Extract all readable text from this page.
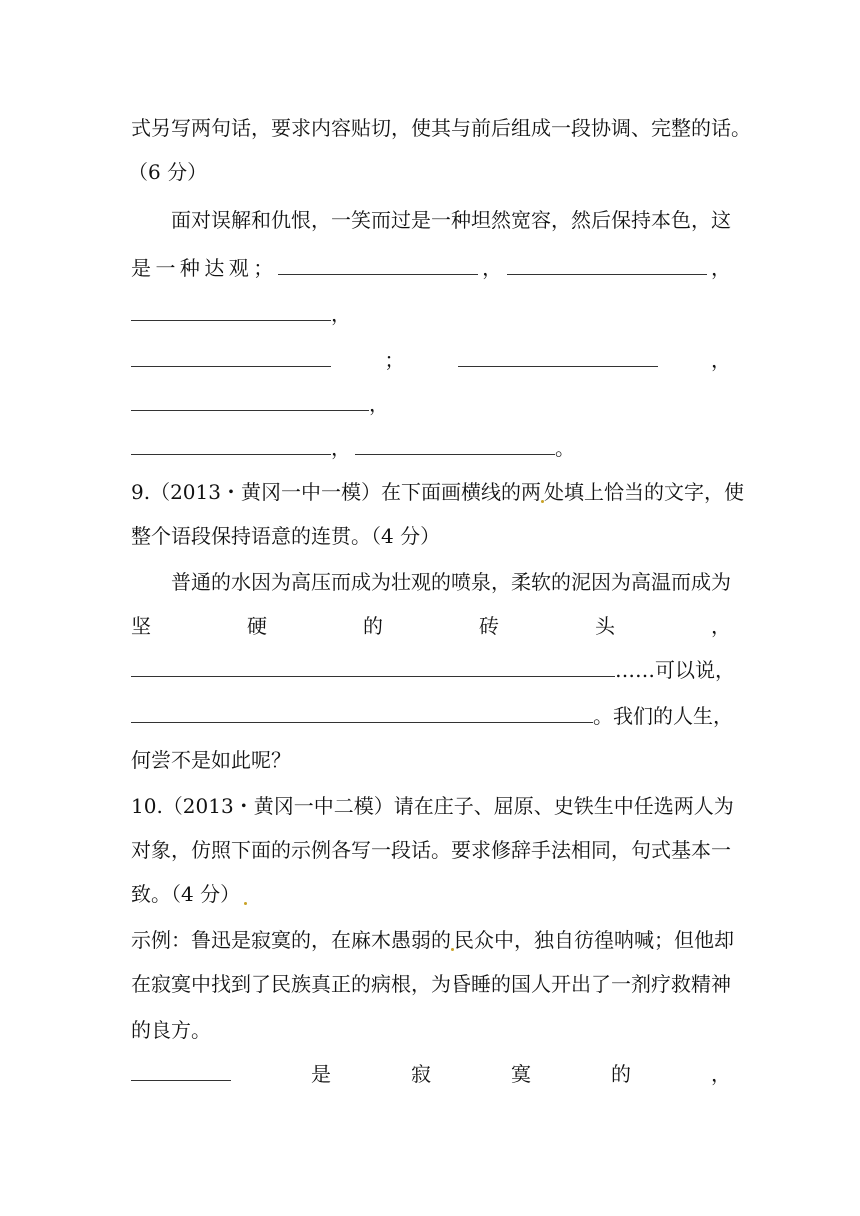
式另写两句话，要求内容贴切，使其与前后组成一段协调、完整的话。
（6 分）
面对误解和仇恨，一笑而过是一种坦然宽容，然后保持本色，这
是 一 种 达 观 ；	，	，
，
；	，
，
，	。
9.（2013・黄冈一中一模）在下面画横线的两 处填上恰当的文字，使
整个语段保持语意的连贯。（4 分）
普通的水因为高压而成为壮观的喷泉，柔软的泥因为高温而成为
坚	硬	的	砖	头	，
……可以说，
。我们的人生，
何尝不是如此呢？
10.（2013・黄冈一中二模）请在庄子、屈原、史铁生中任选两人为
对象，仿照下面的示例各写一段话。要求修辞手法相同，句式基本一
致。（4 分）
示例：鲁迅是寂寞的，在麻木愚弱的 民众中，独自彷徨呐喊；但他却
在寂寞中找到了民族真正的病根，为昏睡的国人开出了一剂疗救精神
的良方。
是	寂	寞	的	，
